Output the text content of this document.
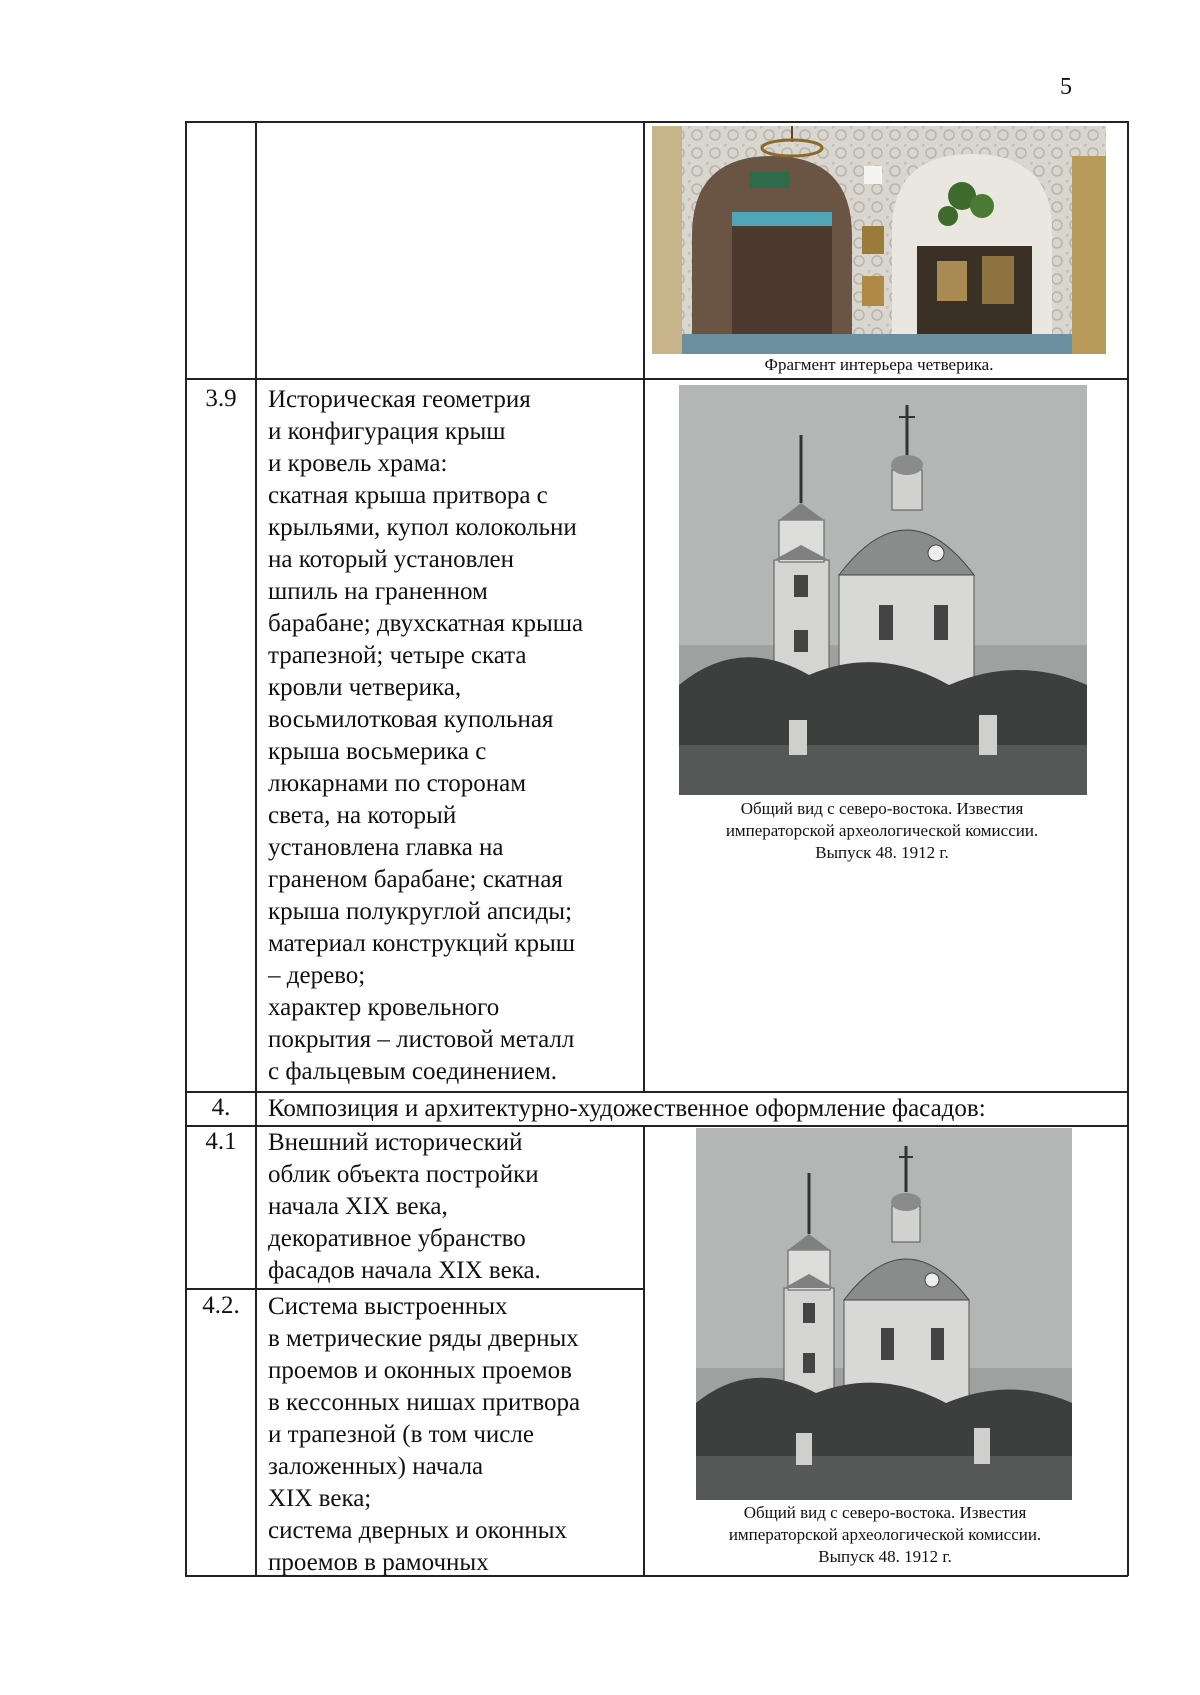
5
Фрагмент интерьера четверика.
3.9	Историческая геометрия
и конфигурация крыш
и кровель храма:
скатная крыша притвора с
крыльями, купол колокольни
на который установлен
шпиль на граненном
барабане; двухскатная крыша
трапезной; четыре ската
кровли четверика,
восьмилотковая купольная
крыша восьмерика с
люкарнами по сторонам
света, на который
установлена главка на
граненом барабане; скатная
крыша полукруглой апсиды;
материал конструкций крыш
– дерево;
характер кровельного
покрытия – листовой металл
с фальцевым соединением.

Общий вид с северо-востока. Известия
императорской археологической комиссии.
Выпуск 48. 1912 г.
4.	Композиция и архитектурно-художественное оформление фасадов:
4.1	Внешний исторический
облик объекта постройки
начала XIX века,
декоративное убранство
фасадов начала XIX века.

4.2.	Система выстроенных
в метрические ряды дверных
проемов и оконных проемов
в кессонных нишах притвора
и трапезной (в том числе
заложенных) начала
XIX века;
система дверных и оконных
проемов в рамочных

Общий вид с северо-востока. Известия
императорской археологической комиссии.
Выпуск 48. 1912 г.
